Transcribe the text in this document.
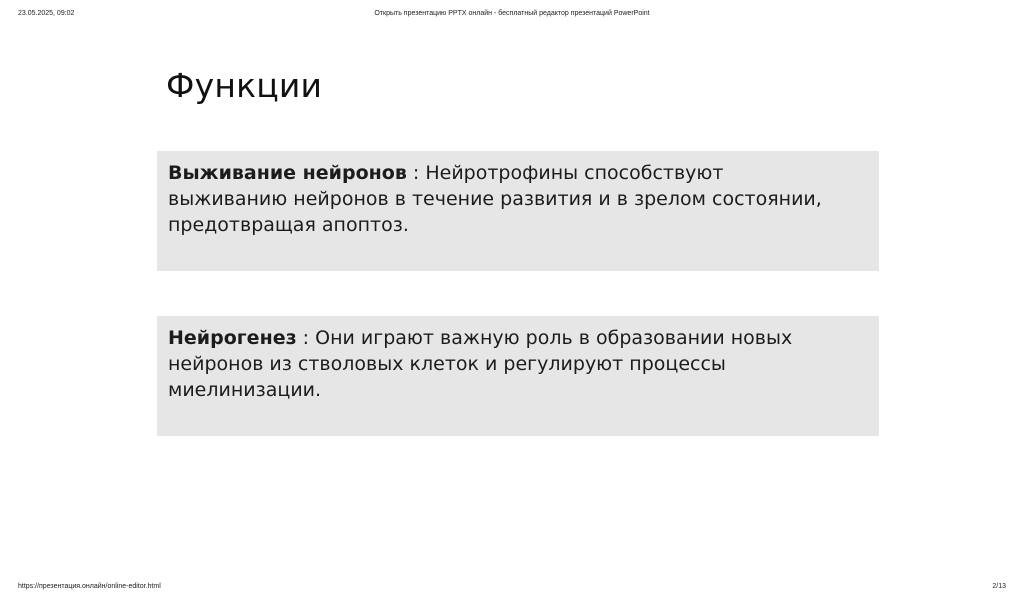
23.05.2025, 09:02	Открыть презентацию PPTX онлайн - бесплатный редактор презентаций PowerPoint
Функции
Выживание нейронов : Нейротрофины способствуют выживанию нейронов в течение развития и в зрелом состоянии, предотвращая апоптоз.
Нейрогенез : Они играют важную роль в образовании новых нейронов из стволовых клеток и регулируют процессы миелинизации.
https://презентация.онлайн/online-editor.html	2/13
